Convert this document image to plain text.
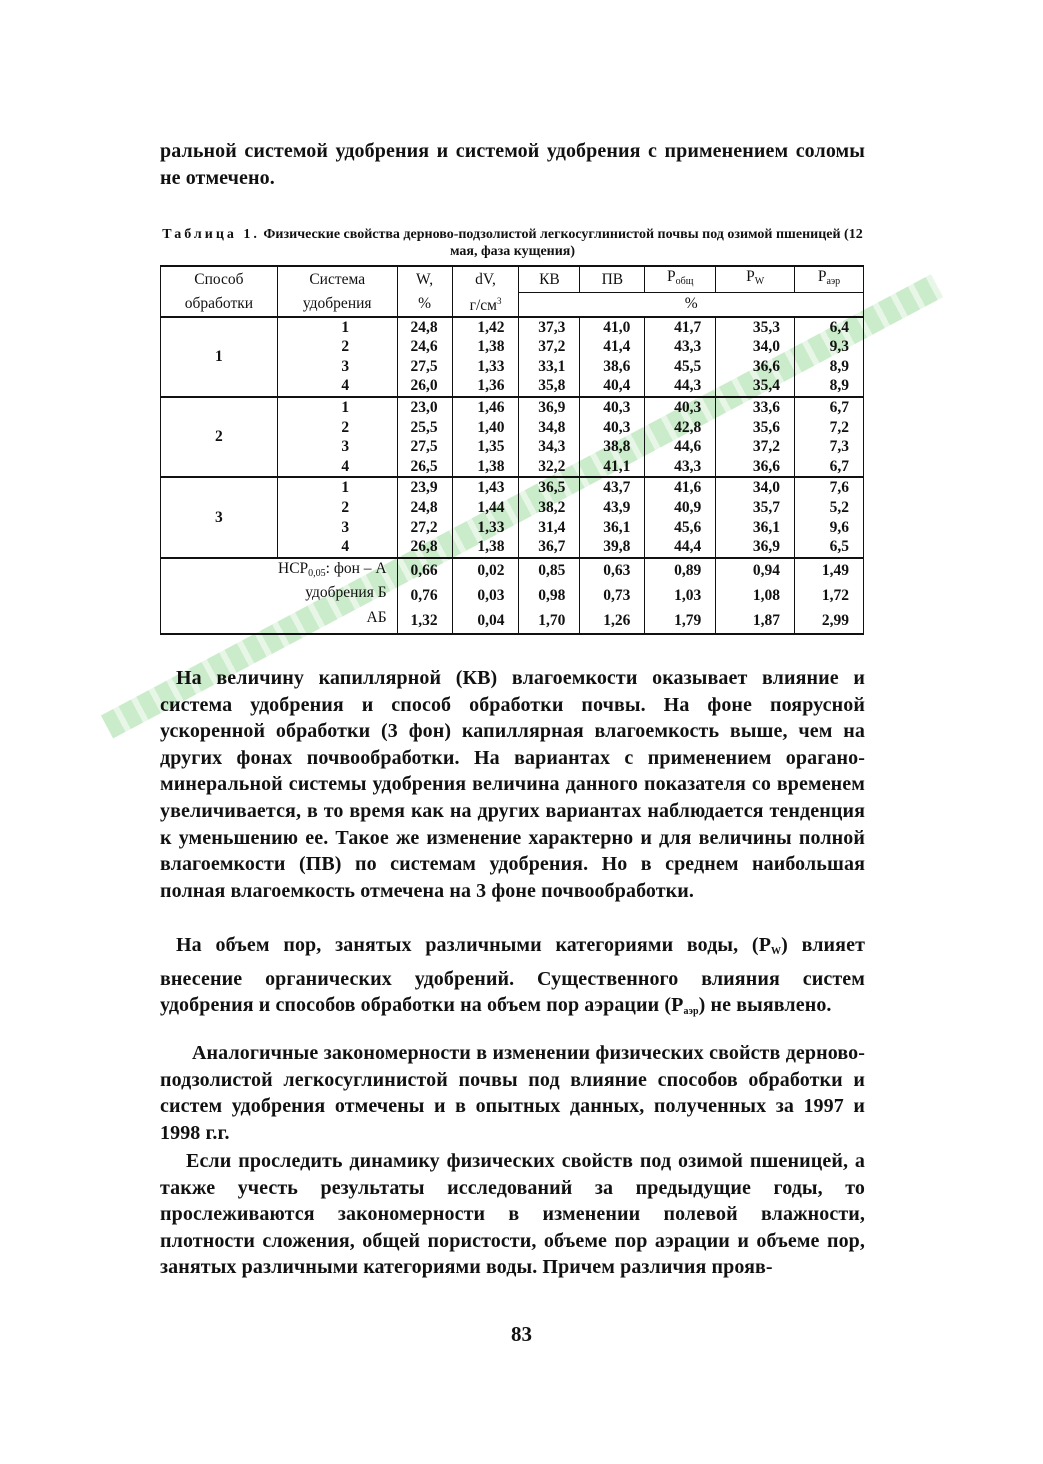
ральной системой удобрения и системой удобрения с применением соломы не отмечено.

Таблица 1. Физические свойства дерново-подзолистой легкосуглинистой почвы под озимой пшеницей (12 мая, фаза кущения)
Способ	Система	W,	dV,	КВ	ПВ	$P_{общ}$	$P_W$	$P_{аэр}$
обработки	удобрения	%	$г/см^3$	%				
1	1	24,8	1,42	37,3	41,0	41,7	35,3	6,4
	2	24,6	1,38	37,2	41,4	43,3	34,0	9,3
	3	27,5	1,33	33,1	38,6	45,5	36,6	8,9
	4	26,0	1,36	35,8	40,4	44,3	35,4	8,9
2	1	23,0	1,46	36,9	40,3	40,3	33,6	6,7
	2	25,5	1,40	34,8	40,3	42,8	35,6	7,2
	3	27,5	1,35	34,3	38,8	44,6	37,2	7,3
	4	26,5	1,38	32,2	41,1	43,3	36,6	6,7
3	1	23,9	1,43	36,5	43,7	41,6	34,0	7,6
	2	24,8	1,44	38,2	43,9	40,9	35,7	5,2
	3	27,2	1,33	31,4	36,1	45,6	36,1	9,6
	4	26,8	1,38	36,7	39,8	44,4	36,9	6,5
$НСР_{0,05}$: фон – А		0,66	0,02	0,85	0,63	0,89	0,94	1,49
удобрения Б		0,76	0,03	0,98	0,73	1,03	1,08	1,72
АБ		1,32	0,04	1,70	1,26	1,79	1,87	2,99

На величину капиллярной (КВ) влагоемкости оказывает влияние и система удобрения и способ обработки почвы. На фоне поярусной ускоренной обработки (3 фон) капиллярная влагоемкость выше, чем на других фонах почвообработки. На вариантах с применением орагано-минеральной системы удобрения величина данного показателя со временем увеличивается, в то время как на других вариантах наблюдается тенденция к уменьшению ее. Такое же изменение характерно и для величины полной влагоемкости (ПВ) по системам удобрения. Но в среднем наибольшая полная влагоемкость отмечена на 3 фоне почвообработки.

На объем пор, занятых различными категориями воды, $(P_W)$ влияет внесение органических удобрений. Существенного влияния систем удобрения и способов обработки на объем пор аэрации $(P_{аэр})$ не выявлено.

Аналогичные закономерности в изменении физических свойств дерново-подзолистой легкосуглинистой почвы под влияние способов обработки и систем удобрения отмечены и в опытных данных, полученных за 1997 и 1998 г.г.

Если проследить динамику физических свойств под озимой пшеницей, а также учесть результаты исследований за предыдущие годы, то прослеживаются закономерности в изменении полевой влажности, плотности сложения, общей пористости, объеме пор аэрации и объеме пор, занятых различными категориями воды. Причем различия прояв-

83
